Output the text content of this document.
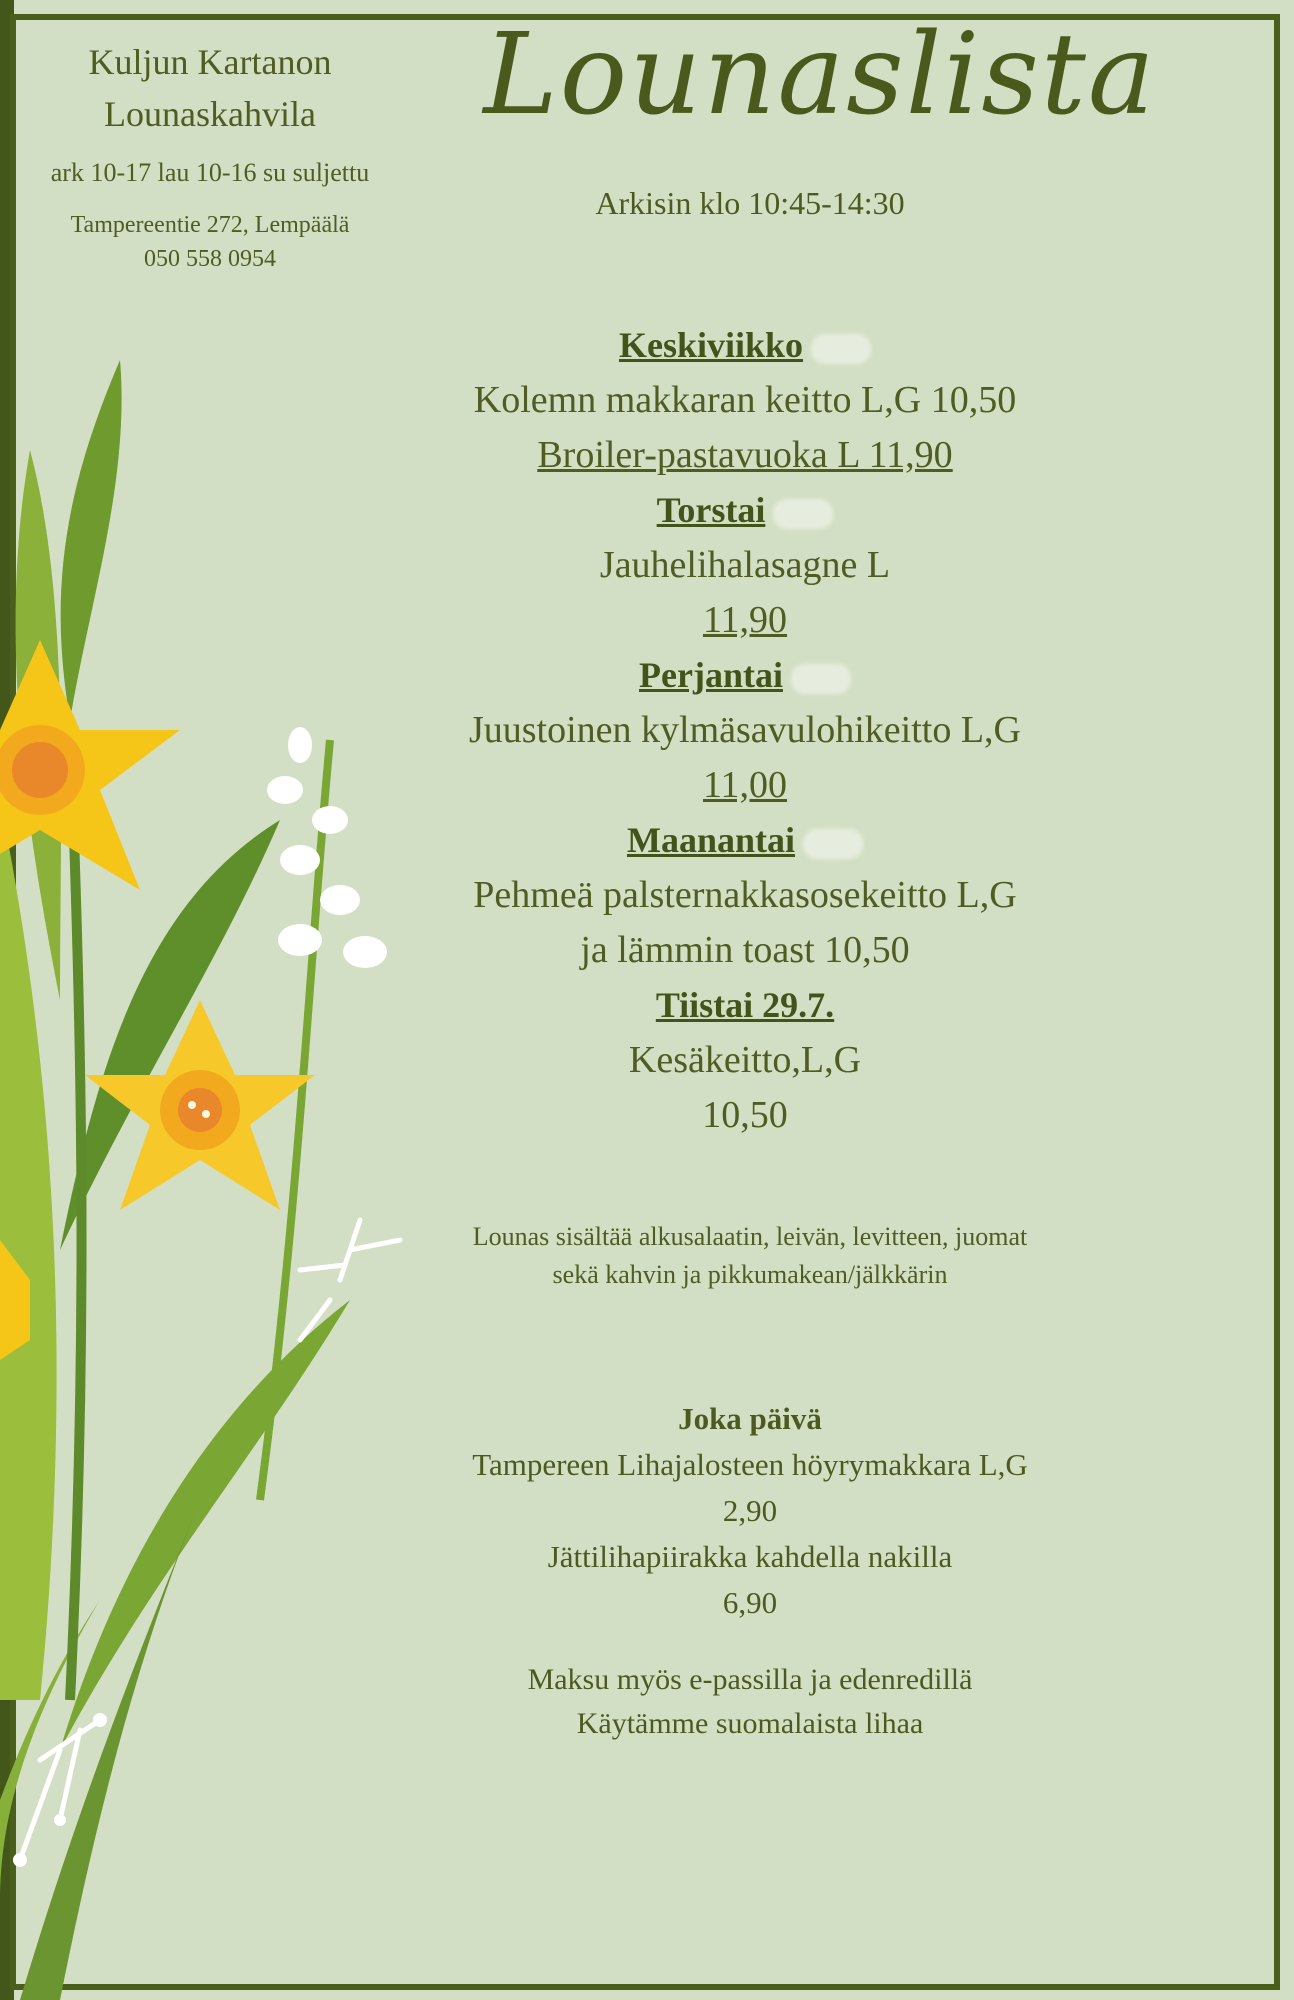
Kuljun Kartanon
Lounaskahvila
ark 10-17 lau 10-16 su suljettu
Tampereentie 272, Lempäälä
050 558 0954
Lounaslista
Arkisin klo 10:45-14:30
Keskiviikko
Kolemn makkaran keitto L,G 10,50
Broiler-pastavuoka L 11,90
Torstai
Jauhelihalasagne L
11,90
Perjantai
Juustoinen kylmäsavulohikeitto L,G
11,00
Maanantai
Pehmeä palsternakkasosekeitto L,G
ja lämmin toast 10,50
Tiistai 29.7.
Kesäkeitto,L,G
10,50
Lounas sisältää alkusalaatin, leivän, levitteen, juomat
sekä kahvin ja pikkumakean/jälkkärin
Joka päivä
Tampereen Lihajalosteen höyrymakkara L,G
2,90
Jättilihapiirakka kahdella nakilla
6,90
Maksu myös e-passilla ja edenredillä
Käytämme suomalaista lihaa
